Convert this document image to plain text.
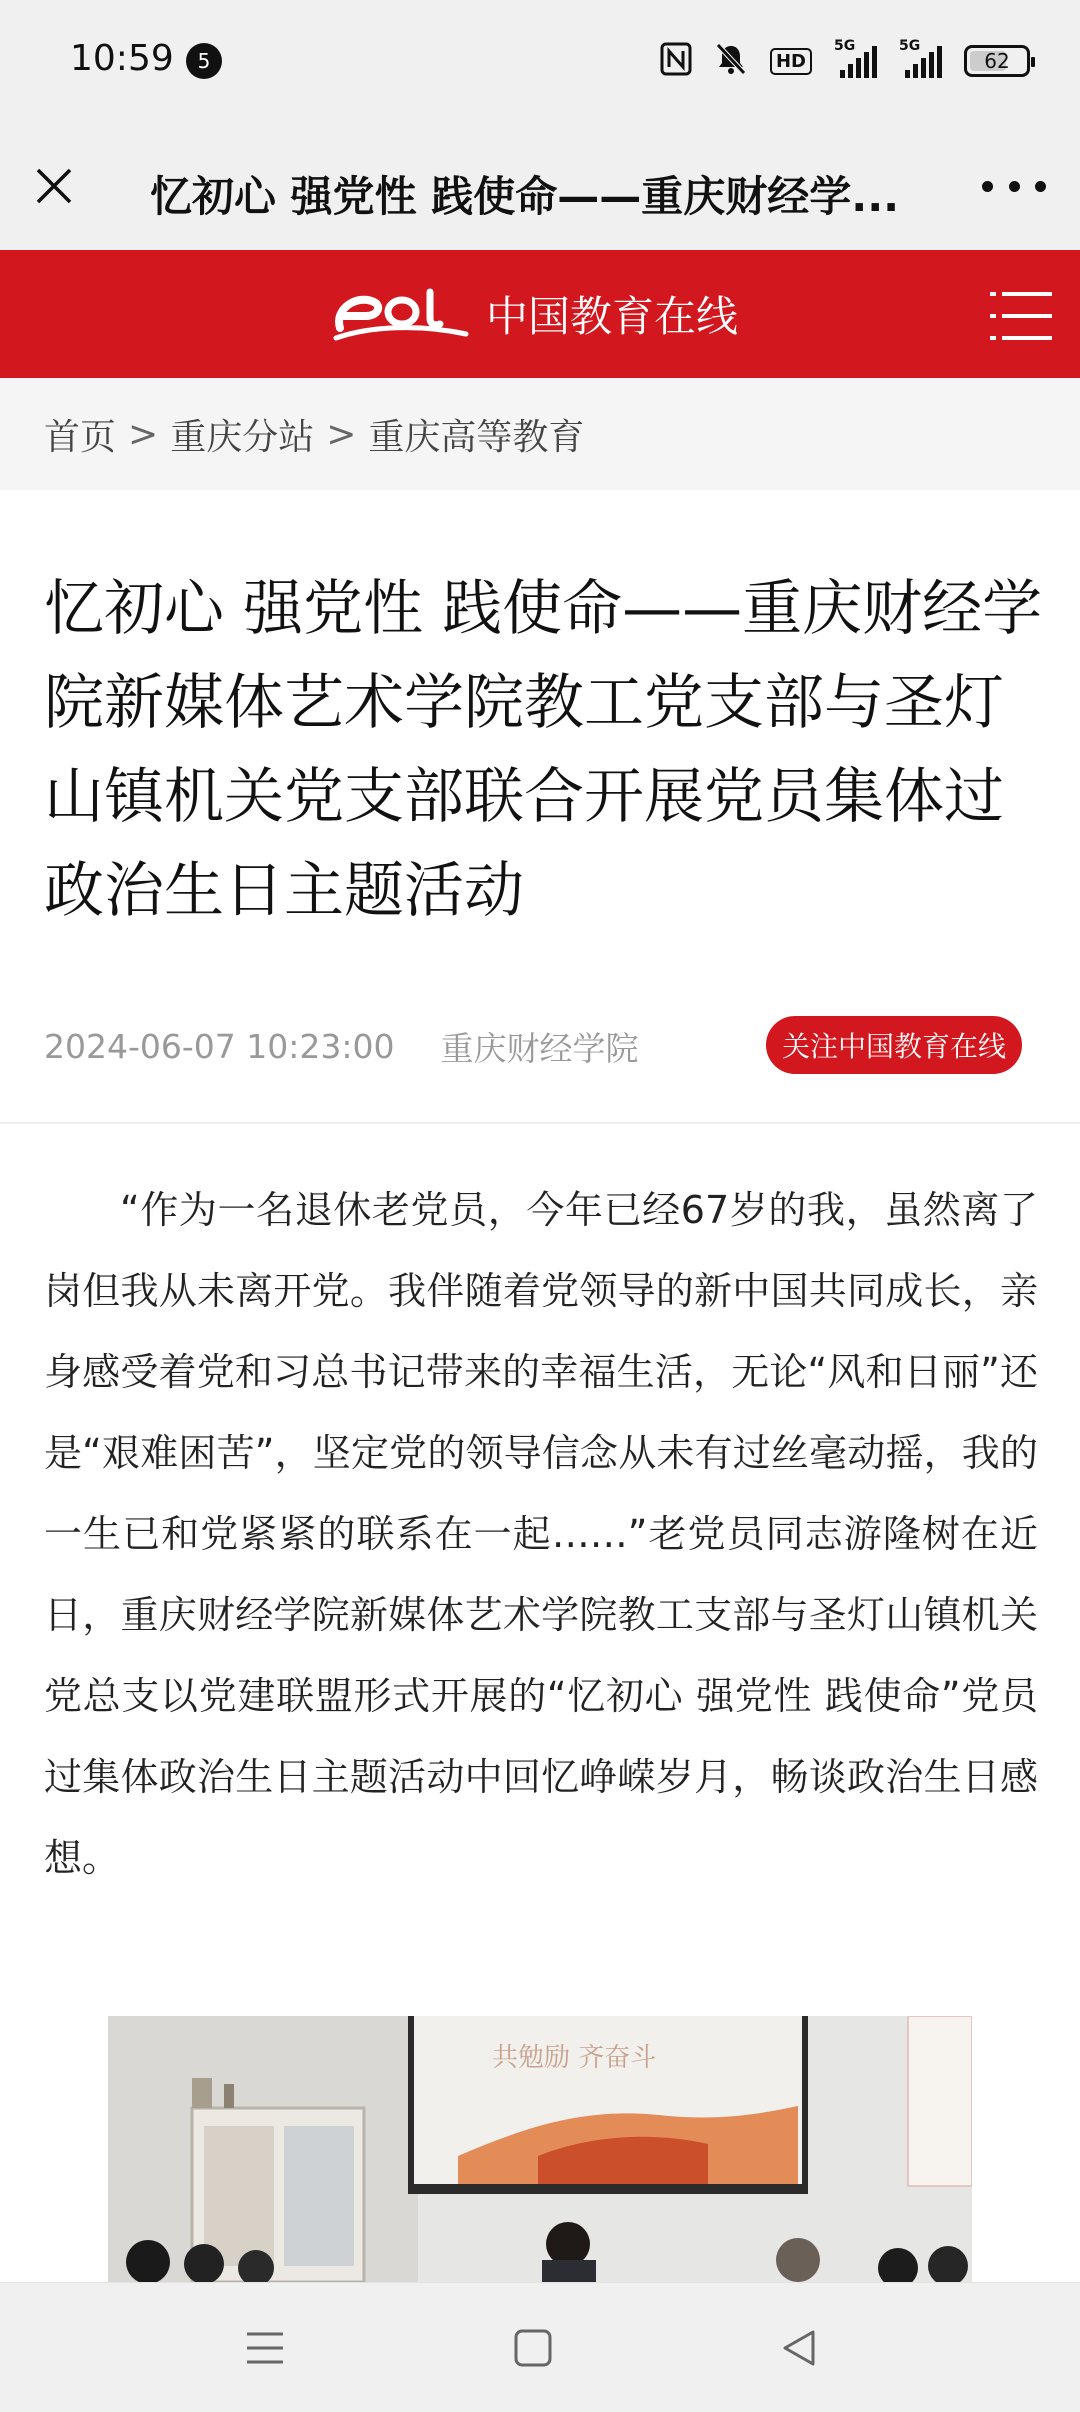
10:59	5	HD
5G	5G
62
忆初心 强党性 践使命——重庆财经学...
中国教育在线
首页 > 重庆分站 > 重庆高等教育
忆初心 强党性 践使命——重庆财经学院新媒体艺术学院教工党支部与圣灯山镇机关党支部联合开展党员集体过政治生日主题活动
2024-06-07 10:23:00 重庆财经学院	关注中国教育在线

“作为一名退休老党员，今年已经67岁的我，虽然离了岗但我从未离开党。我伴随着党领导的新中国共同成长，亲身感受着党和习总书记带来的幸福生活，无论“风和日丽”还是“艰难困苦”，坚定党的领导信念从未有过丝毫动摇，我的一生已和党紧紧的联系在一起……”老党员同志游隆树在近日，重庆财经学院新媒体艺术学院教工支部与圣灯山镇机关党总支以党建联盟形式开展的“忆初心 强党性 践使命”党员过集体政治生日主题活动中回忆峥嵘岁月，畅谈政治生日感想。

共勉励 齐奋斗
